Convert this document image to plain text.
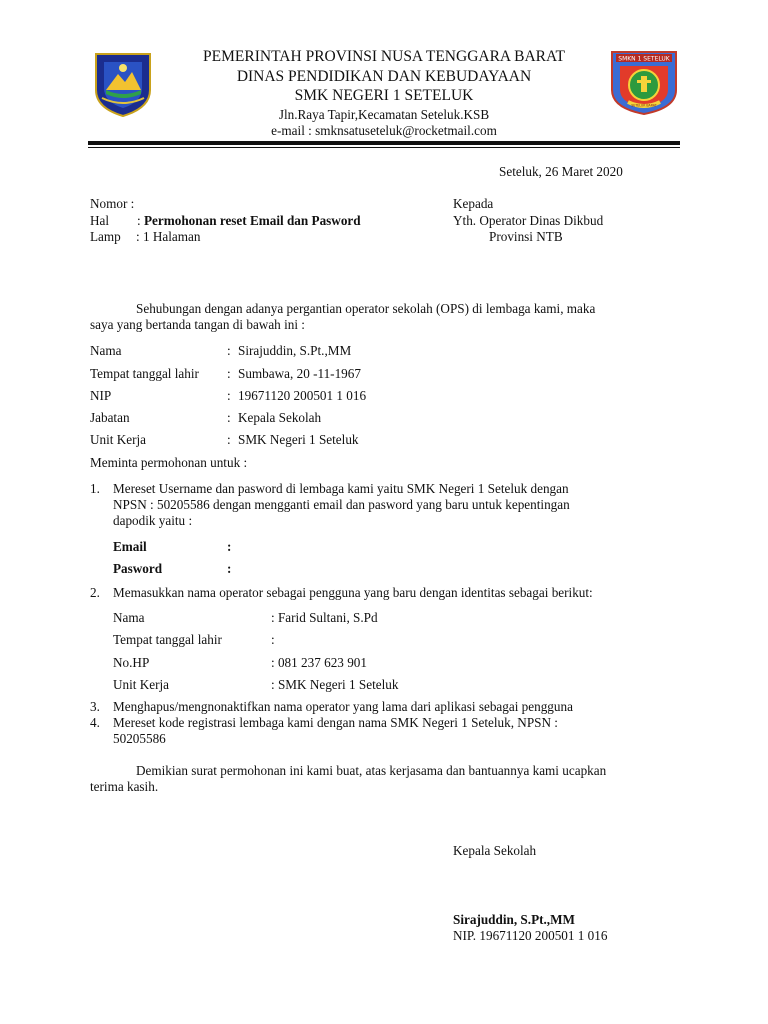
PEMERINTAH PROVINSI NUSA TENGGARA BARAT
DINAS PENDIDIKAN DAN KEBUDAYAAN
SMK NEGERI 1 SETELUK
Jln.Raya Tapir,Kecamatan Seteluk.KSB
e-mail : smknsatuseteluk@rocketmail.com
SMKN 1 SETELUK
SETELUK BARAT
Seteluk, 26 Maret 2020
Nomor :
Hal : Permohonan reset Email dan Pasword
Lamp : 1 Halaman
Kepada
Yth. Operator Dinas Dikbud
Provinsi NTB
Sehubungan dengan adanya pergantian operator sekolah (OPS) di lembaga kami, maka
saya yang bertanda tangan di bawah ini :
Nama	: Sirajuddin, S.Pt.,MM
Tempat tanggal lahir : Sumbawa, 20 -11-1967
NIP	: 19671120 200501 1 016
Jabatan	: Kepala Sekolah
Unit Kerja	: SMK Negeri 1 Seteluk
Meminta permohonan untuk :
1. Mereset Username dan pasword di lembaga kami yaitu SMK Negeri 1 Seteluk dengan
NPSN : 50205586 dengan mengganti email dan pasword yang baru untuk kepentingan
dapodik yaitu :
Email	:
Pasword	:
2. Memasukkan nama operator sebagai pengguna yang baru dengan identitas sebagai berikut:
Nama	: Farid Sultani, S.Pd
Tempat tanggal lahir	:
No.HP	: 081 237 623 901
Unit Kerja	: SMK Negeri 1 Seteluk
3. Menghapus/mengnonaktifkan nama operator yang lama dari aplikasi sebagai pengguna
4. Mereset kode registrasi lembaga kami dengan nama SMK Negeri 1 Seteluk, NPSN :
50205586
Demikian surat permohonan ini kami buat, atas kerjasama dan bantuannya kami ucapkan
terima kasih.
Kepala Sekolah
Sirajuddin, S.Pt.,MM
NIP. 19671120 200501 1 016
